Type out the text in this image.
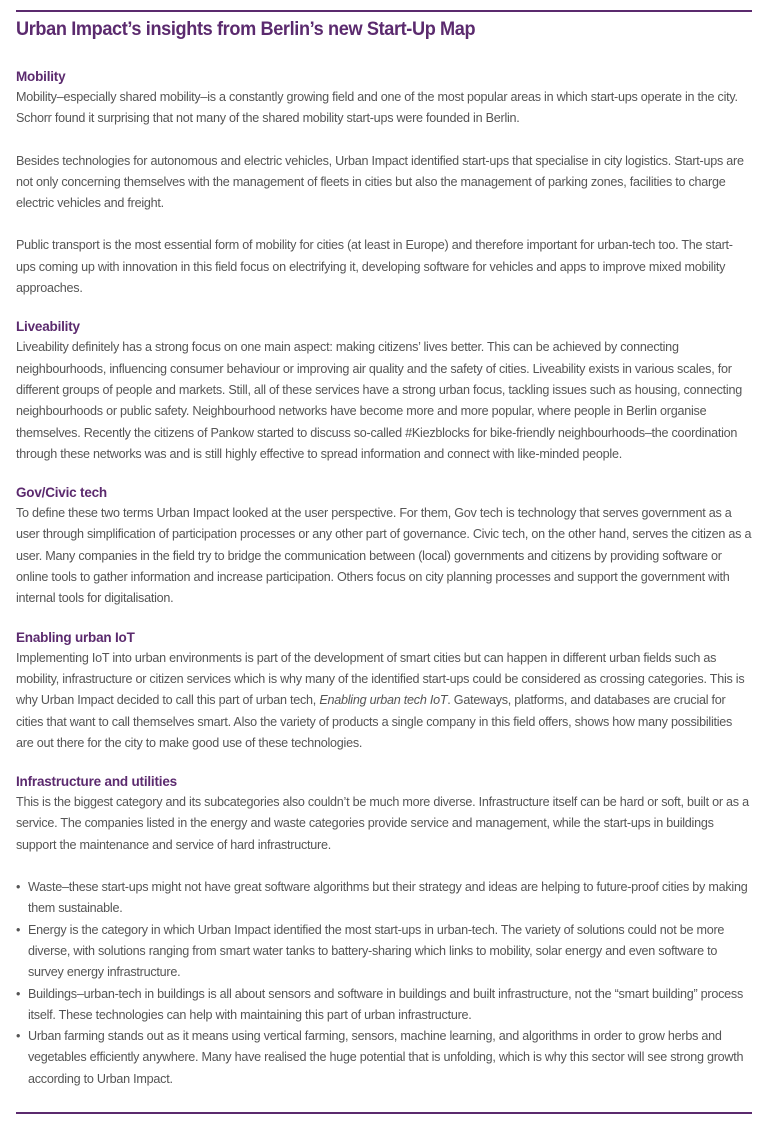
Urban Impact’s insights from Berlin’s new Start-Up Map
Mobility

Mobility–especially shared mobility–is a constantly growing field and one of the most popular areas in which start-ups operate in the city. Schorr found it surprising that not many of the shared mobility start-ups were founded in Berlin.

Besides technologies for autonomous and electric vehicles, Urban Impact identified start-ups that specialise in city logistics. Start-ups are not only concerning themselves with the management of fleets in cities but also the management of parking zones, facilities to charge electric vehicles and freight.

Public transport is the most essential form of mobility for cities (at least in Europe) and therefore important for urban-tech too. The start-ups coming up with innovation in this field focus on electrifying it, developing software for vehicles and apps to improve mixed mobility approaches.

Liveability

Liveability definitely has a strong focus on one main aspect: making citizens’ lives better. This can be achieved by connecting neighbourhoods, influencing consumer behaviour or improving air quality and the safety of cities. Liveability exists in various scales, for different groups of people and markets. Still, all of these services have a strong urban focus, tackling issues such as housing, connecting neighbourhoods or public safety. Neighbourhood networks have become more and more popular, where people in Berlin organise themselves. Recently the citizens of Pankow started to discuss so-called #Kiezblocks for bike-friendly neighbourhoods–the coordination through these networks was and is still highly effective to spread information and connect with like-minded people.

Gov/Civic tech

To define these two terms Urban Impact looked at the user perspective. For them, Gov tech is technology that serves government as a user through simplification of participation processes or any other part of governance. Civic tech, on the other hand, serves the citizen as a user. Many companies in the field try to bridge the communication between (local) governments and citizens by providing software or online tools to gather information and increase participation. Others focus on city planning processes and support the government with internal tools for digitalisation.

Enabling urban IoT

Implementing IoT into urban environments is part of the development of smart cities but can happen in different urban fields such as mobility, infrastructure or citizen services which is why many of the identified start-ups could be considered as crossing categories. This is why Urban Impact decided to call this part of urban tech, Enabling urban tech IoT. Gateways, platforms, and databases are crucial for cities that want to call themselves smart. Also the variety of products a single company in this field offers, shows how many possibilities are out there for the city to make good use of these technologies.

Infrastructure and utilities

This is the biggest category and its subcategories also couldn’t be much more diverse. Infrastructure itself can be hard or soft, built or as a service. The companies listed in the energy and waste categories provide service and management, while the start-ups in buildings support the maintenance and service of hard infrastructure.

• Waste–these start-ups might not have great software algorithms but their strategy and ideas are helping to future-proof cities by making them sustainable.
• Energy is the category in which Urban Impact identified the most start-ups in urban-tech. The variety of solutions could not be more diverse, with solutions ranging from smart water tanks to battery-sharing which links to mobility, solar energy and even software to survey energy infrastructure.
• Buildings–urban-tech in buildings is all about sensors and software in buildings and built infrastructure, not the “smart building” process itself. These technologies can help with maintaining this part of urban infrastructure.
• Urban farming stands out as it means using vertical farming, sensors, machine learning, and algorithms in order to grow herbs and vegetables efficiently anywhere. Many have realised the huge potential that is unfolding, which is why this sector will see strong growth according to Urban Impact.
